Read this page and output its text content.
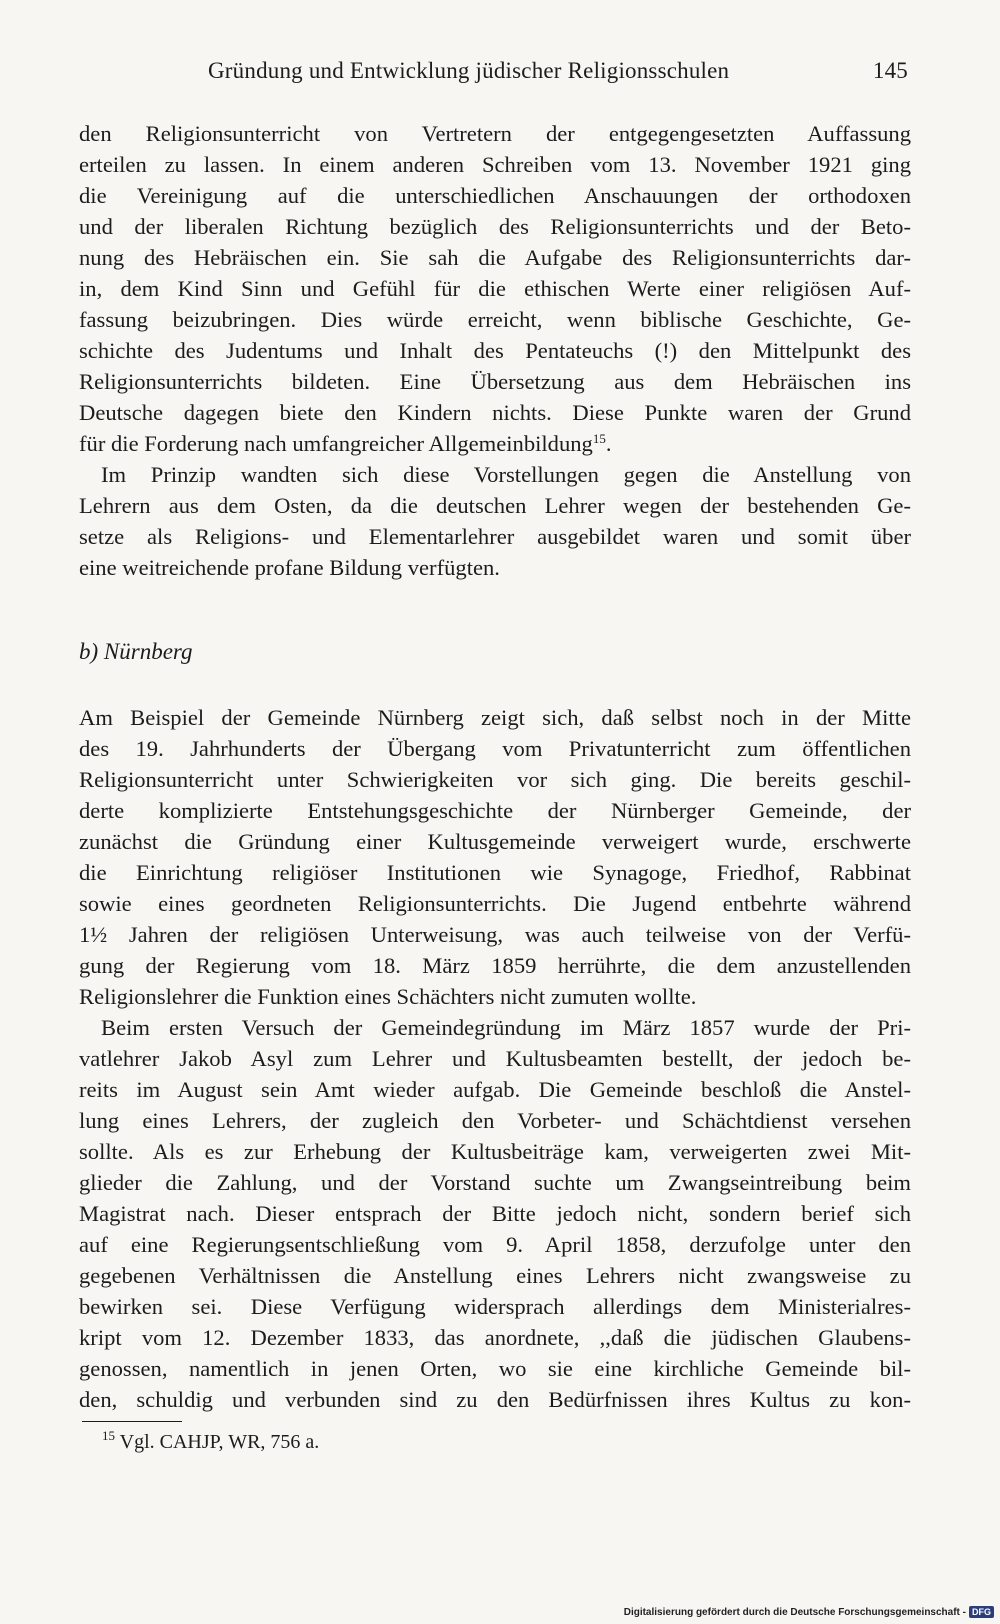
Gründung und Entwicklung jüdischer Religionsschulen	145
den Religionsunterricht von Vertretern der entgegengesetzten Auffassung
erteilen zu lassen. In einem anderen Schreiben vom 13. November 1921 ging
die Vereinigung auf die unterschiedlichen Anschauungen der orthodoxen
und der liberalen Richtung bezüglich des Religionsunterrichts und der Beto-
nung des Hebräischen ein. Sie sah die Aufgabe des Religionsunterrichts dar-
in, dem Kind Sinn und Gefühl für die ethischen Werte einer religiösen Auf-
fassung beizubringen. Dies würde erreicht, wenn biblische Geschichte, Ge-
schichte des Judentums und Inhalt des Pentateuchs (!) den Mittelpunkt des
Religionsunterrichts bildeten. Eine Übersetzung aus dem Hebräischen ins
Deutsche dagegen biete den Kindern nichts. Diese Punkte waren der Grund
für die Forderung nach umfangreicher Allgemeinbildung$^{15}$.
Im Prinzip wandten sich diese Vorstellungen gegen die Anstellung von
Lehrern aus dem Osten, da die deutschen Lehrer wegen der bestehenden Ge-
setze als Religions- und Elementarlehrer ausgebildet waren und somit über
eine weitreichende profane Bildung verfügten.
b) Nürnberg
Am Beispiel der Gemeinde Nürnberg zeigt sich, daß selbst noch in der Mitte
des 19. Jahrhunderts der Übergang vom Privatunterricht zum öffentlichen
Religionsunterricht unter Schwierigkeiten vor sich ging. Die bereits geschil-
derte komplizierte Entstehungsgeschichte der Nürnberger Gemeinde, der
zunächst die Gründung einer Kultusgemeinde verweigert wurde, erschwerte
die Einrichtung religiöser Institutionen wie Synagoge, Friedhof, Rabbinat
sowie eines geordneten Religionsunterrichts. Die Jugend entbehrte während
1½ Jahren der religiösen Unterweisung, was auch teilweise von der Verfü-
gung der Regierung vom 18. März 1859 herrührte, die dem anzustellenden
Religionslehrer die Funktion eines Schächters nicht zumuten wollte.
Beim ersten Versuch der Gemeindegründung im März 1857 wurde der Pri-
vatlehrer Jakob Asyl zum Lehrer und Kultusbeamten bestellt, der jedoch be-
reits im August sein Amt wieder aufgab. Die Gemeinde beschloß die Anstel-
lung eines Lehrers, der zugleich den Vorbeter- und Schächtdienst versehen
sollte. Als es zur Erhebung der Kultusbeiträge kam, verweigerten zwei Mit-
glieder die Zahlung, und der Vorstand suchte um Zwangseintreibung beim
Magistrat nach. Dieser entsprach der Bitte jedoch nicht, sondern berief sich
auf eine Regierungsentschließung vom 9. April 1858, derzufolge unter den
gegebenen Verhältnissen die Anstellung eines Lehrers nicht zwangsweise zu
bewirken sei. Diese Verfügung widersprach allerdings dem Ministerialres-
kript vom 12. Dezember 1833, das anordnete, ,,daß die jüdischen Glaubens-
genossen, namentlich in jenen Orten, wo sie eine kirchliche Gemeinde bil-
den, schuldig und verbunden sind zu den Bedürfnissen ihres Kultus zu kon-
$^{15}$ Vgl. CAHJP, WR, 756 a.
Digitalisierung gefördert durch die Deutsche Forschungsgemeinschaft - DFG
